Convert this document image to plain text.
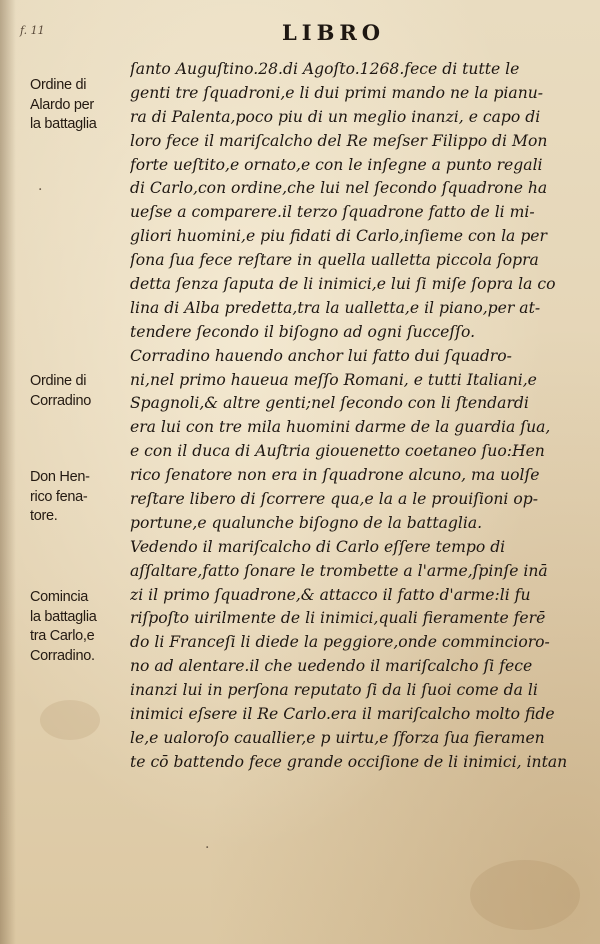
f. 11	LIBRO
Ordine di
Alardo per
la battaglia
Ordine di
Corradino
Don Hen-
rico fena-
tore.
Comincia
la battaglia
tra Carlo,e
Corradino.
·
·
ſanto Auguſtino.28.di Agoſto.1268.fece di tutte le
genti tre ſquadroni,e li dui primi mando ne la pianu-
ra di Palenta,poco piu di un meglio inanzi, e capo di
loro fece il mariſcalcho del Re meſser Filippo di Mon
forte ueſtito,e ornato,e con le inſegne a punto regali
di Carlo,con ordine,che lui nel ſecondo ſquadrone ha
ueſse a comparere.il terzo ſquadrone fatto de li mi-
gliori huomini,e piu fidati di Carlo,inſieme con la per
ſona ſua fece reſtare in quella ualletta piccola ſopra
detta ſenza ſaputa de li inimici,e lui ſi miſe ſopra la co
lina di Alba predetta,tra la ualletta,e il piano,per at-
tendere ſecondo il biſogno ad ogni ſucceſſo.
Corradino hauendo anchor lui fatto dui ſquadro-
ni,nel primo haueua meſſo Romani, e tutti Italiani,e
Spagnoli,& altre genti;nel ſecondo con li ſtendardi
era lui con tre mila huomini darme de la guardia ſua,
e con il duca di Auſtria giouenetto coetaneo ſuo:Hen
rico ſenatore non era in ſquadrone alcuno, ma uolſe
reſtare libero di ſcorrere qua,e la a le prouiſioni op-
portune,e qualunche biſogno de la battaglia.
Vedendo il mariſcalcho di Carlo eſſere tempo di
aſſaltare,fatto ſonare le trombette a l'arme,ſpinſe inā
zi il primo ſquadrone,& attacco il fatto d'arme:li fu
riſpoſto uirilmente de li inimici,quali fieramente ferē
do li Franceſi li diede la peggiore,onde commincioro-
no ad alentare.il che uedendo il mariſcalcho ſi fece
inanzi lui in perſona reputato ſi da li ſuoi come da li
inimici eſsere il Re Carlo.era il mariſcalcho molto fide
le,e ualoroſo cauallier,e p uirtu,e ſforza ſua fieramen
te cō battendo fece grande occiſione de li inimici, intan
